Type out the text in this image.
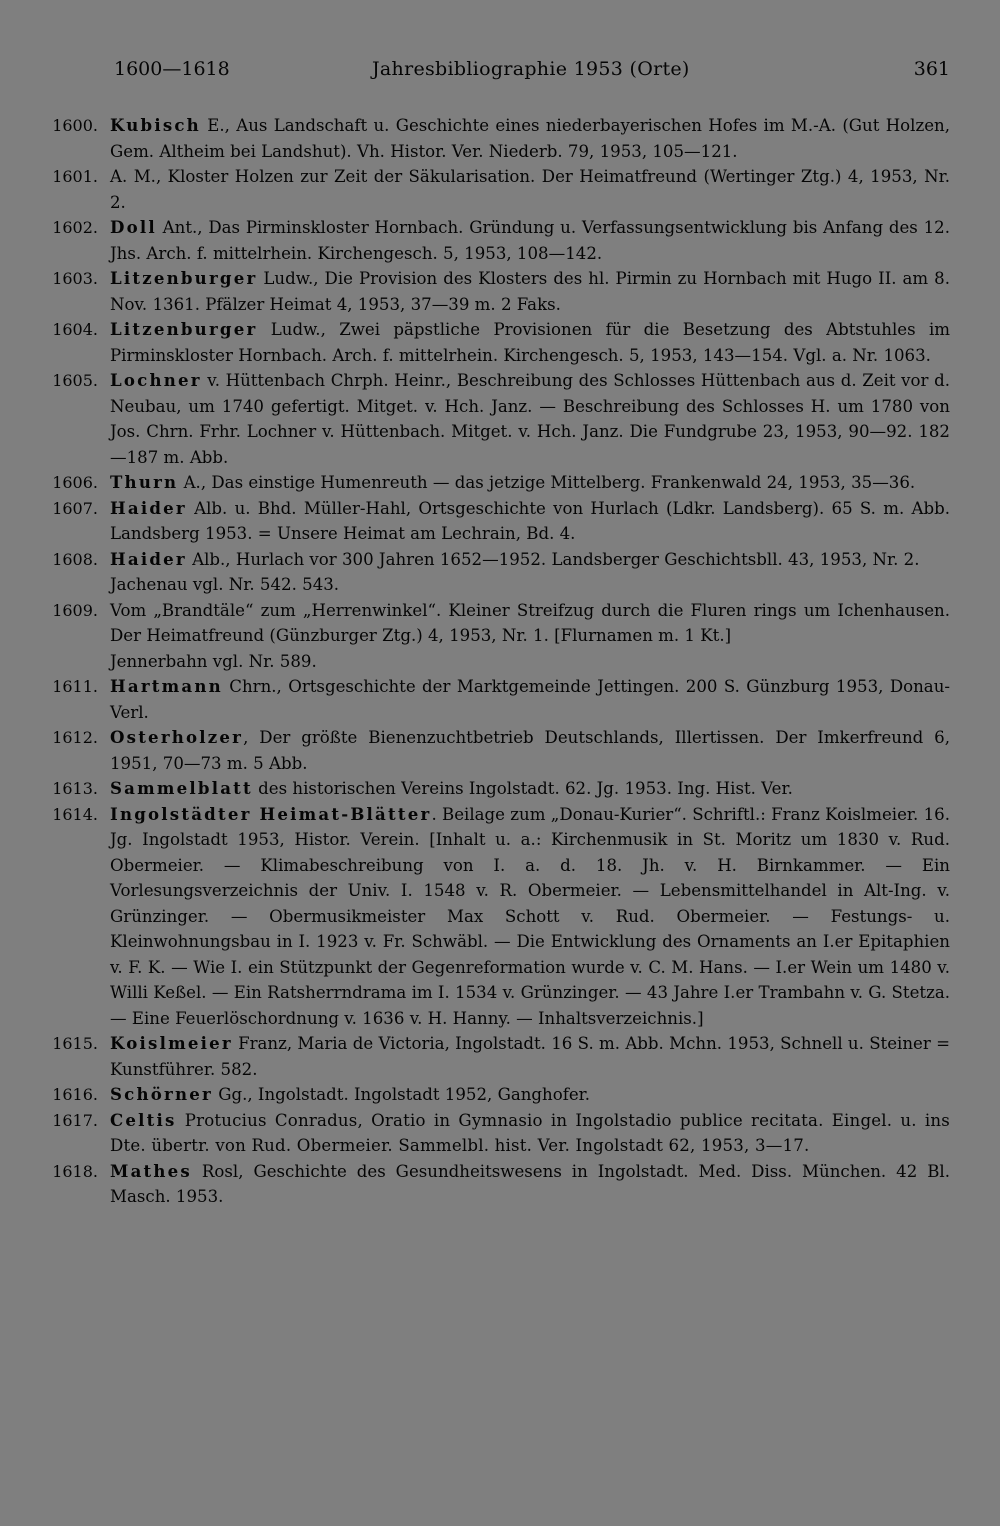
1600—1618	Jahresbibliographie 1953 (Orte)	361
1600. Kubisch E., Aus Landschaft u. Geschichte eines niederbayerischen Hofes im M.-A. (Gut Holzen, Gem. Altheim bei Landshut). Vh. Histor. Ver. Niederb. 79, 1953, 105—121.
1601. A. M., Kloster Holzen zur Zeit der Säkularisation. Der Heimatfreund (Wertinger Ztg.) 4, 1953, Nr. 2.
1602. Doll Ant., Das Pirminskloster Hornbach. Gründung u. Verfassungsentwicklung bis Anfang des 12. Jhs. Arch. f. mittelrhein. Kirchengesch. 5, 1953, 108—142.
1603. Litzenburger Ludw., Die Provision des Klosters des hl. Pirmin zu Hornbach mit Hugo II. am 8. Nov. 1361. Pfälzer Heimat 4, 1953, 37—39 m. 2 Faks.
1604. Litzenburger Ludw., Zwei päpstliche Provisionen für die Besetzung des Abtstuhles im Pirminskloster Hornbach. Arch. f. mittelrhein. Kirchengesch. 5, 1953, 143—154. Vgl. a. Nr. 1063.
1605. Lochner v. Hüttenbach Chrph. Heinr., Beschreibung des Schlosses Hüttenbach aus d. Zeit vor d. Neubau, um 1740 gefertigt. Mitget. v. Hch. Janz. — Beschreibung des Schlosses H. um 1780 von Jos. Chrn. Frhr. Lochner v. Hüttenbach. Mitget. v. Hch. Janz. Die Fundgrube 23, 1953, 90—92. 182—187 m. Abb.
1606. Thurn A., Das einstige Humenreuth — das jetzige Mittelberg. Frankenwald 24, 1953, 35—36.
1607. Haider Alb. u. Bhd. Müller-Hahl, Ortsgeschichte von Hurlach (Ldkr. Landsberg). 65 S. m. Abb. Landsberg 1953. = Unsere Heimat am Lechrain, Bd. 4.
1608. Haider Alb., Hurlach vor 300 Jahren 1652—1952. Landsberger Geschichtsbll. 43, 1953, Nr. 2.
Jachenau vgl. Nr. 542. 543.
1609. Vom „Brandtäle“ zum „Herrenwinkel“. Kleiner Streifzug durch die Fluren rings um Ichenhausen. Der Heimatfreund (Günzburger Ztg.) 4, 1953, Nr. 1. [Flurnamen m. 1 Kt.]
Jennerbahn vgl. Nr. 589.
1611. Hartmann Chrn., Ortsgeschichte der Marktgemeinde Jettingen. 200 S. Günzburg 1953, Donau-Verl.
1612. Osterholzer, Der größte Bienenzuchtbetrieb Deutschlands, Illertissen. Der Imkerfreund 6, 1951, 70—73 m. 5 Abb.
1613. Sammelblatt des historischen Vereins Ingolstadt. 62. Jg. 1953. Ing. Hist. Ver.
1614. Ingolstädter Heimat-Blätter. Beilage zum „Donau-Kurier“. Schriftl.: Franz Koislmeier. 16. Jg. Ingolstadt 1953, Histor. Verein. [Inhalt u. a.: Kirchenmusik in St. Moritz um 1830 v. Rud. Obermeier. — Klimabeschreibung von I. a. d. 18. Jh. v. H. Birnkammer. — Ein Vorlesungsverzeichnis der Univ. I. 1548 v. R. Obermeier. — Lebensmittelhandel in Alt-Ing. v. Grünzinger. — Obermusikmeister Max Schott v. Rud. Obermeier. — Festungs- u. Kleinwohnungsbau in I. 1923 v. Fr. Schwäbl. — Die Entwicklung des Ornaments an I.er Epitaphien v. F. K. — Wie I. ein Stützpunkt der Gegenreformation wurde v. C. M. Hans. — I.er Wein um 1480 v. Willi Keßel. — Ein Ratsherrndrama im I. 1534 v. Grünzinger. — 43 Jahre I.er Trambahn v. G. Stetza. — Eine Feuerlöschordnung v. 1636 v. H. Hanny. — Inhaltsverzeichnis.]
1615. Koislmeier Franz, Maria de Victoria, Ingolstadt. 16 S. m. Abb. Mchn. 1953, Schnell u. Steiner = Kunstführer. 582.
1616. Schörner Gg., Ingolstadt. Ingolstadt 1952, Ganghofer.
1617. Celtis Protucius Conradus, Oratio in Gymnasio in Ingolstadio publice recitata. Eingel. u. ins Dte. übertr. von Rud. Obermeier. Sammelbl. hist. Ver. Ingolstadt 62, 1953, 3—17.
1618. Mathes Rosl, Geschichte des Gesundheitswesens in Ingolstadt. Med. Diss. München. 42 Bl. Masch. 1953.
